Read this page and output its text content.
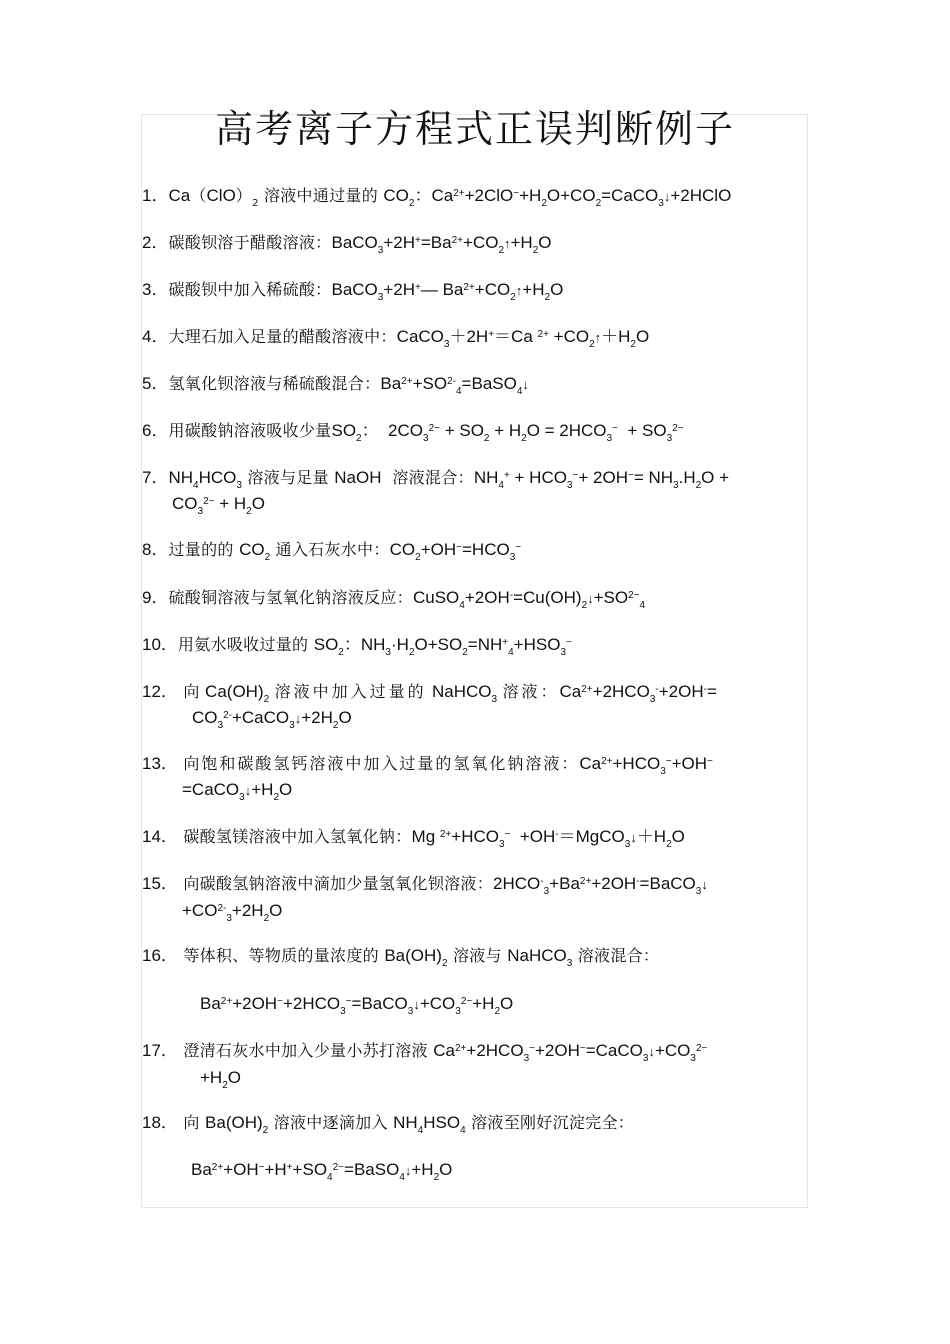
高考离子方程式正误判断例子
1．$Ca(ClO)_2$ 溶液中通过量的 $CO_2$：$Ca^{2+}+2ClO^-+H_2O+CO_2=CaCO_3↓+2HClO$
2．碳酸钡溶于醋酸溶液：$BaCO_3+2H^+=Ba^{2+}+CO_2↑+H_2O$
3．碳酸钡中加入稀硫酸：BaCO$_3$+2H+— $Ba^{2+}+CO_2↑+H_2O$
4．大理石加入足量的醋酸溶液中：CaCO$_3$＋2H+＝Ca $^{2+} +CO_2↑+H_2O$
5．氢氧化钡溶液与稀硫酸混合：$Ba^{2+}+SO^{2-}_4=BaSO_4↓$
6．用碳酸钠溶液吸收少量$SO_2$：  $2CO_3^{2-} + SO_2 + H_2O = 2HCO_3^- + SO_3^{2-}$
7．$NH_4HCO_3$ 溶液与足量 NaOH 溶液混合：$NH_4^+ + HCO_3^-+ 2OH^-= NH_3.H_2O$ +
$CO_3^{2-} + H_2O$
8．过量的的 $CO_2$ 通入石灰水中：$CO_2+OH^-=HCO_3^-$
9．硫酸铜溶液与氢氧化钠溶液反应：$CuSO_4+2OH^-=Cu(OH)_2↓+SO^{2-}_4$
10．用氨水吸收过量的 $SO_2$：$NH_3\cdot H_2O+SO_2=NH^+_4+HSO_3^-$
12． 向 $Ca(OH)_2$ 溶液中加入过量的 NaHCO$_3$ 溶液：$Ca^{2+}+2HCO_3^-+2OH^-=$
$CO_3^{2-}+CaCO_3↓+2H_2O$
13． 向饱和碳酸氢钙溶液中加入过量的氢氧化钠溶液：$Ca^{2+}+HCO_3^-+OH^-$
$=CaCO_3↓+H_2O$
14． 碳酸氢镁溶液中加入氢氧化钠：Mg $^{2+}+HCO_3^-$  $+OH^-=MgCO_3↓+H_2O$
15． 向碳酸氢钠溶液中滴加少量氢氧化钡溶液：$2HCO^-_3+Ba^{2+}+2OH^-=BaCO_3↓$
$+CO^{2-}_3+2H_2O$
16． 等体积、等物质的量浓度的 $Ba(OH)_2$ 溶液与 NaHCO$_3$ 溶液混合：
$Ba^{2+}+2OH^-+2HCO_3^-=BaCO_3↓+CO_3^{2-}+H_2O$
17． 澄清石灰水中加入少量小苏打溶液 $Ca^{2+}+2HCO_3^-+2OH^-=CaCO_3↓+CO_3^{2-}$
$+H_2O$
18． 向 $Ba(OH)_2$ 溶液中逐滴加入 $NH_4HSO_4$ 溶液至刚好沉淀完全：
$Ba^{2+}+OH^-+H^++SO_4^{2-}=BaSO_4↓+H_2O$
